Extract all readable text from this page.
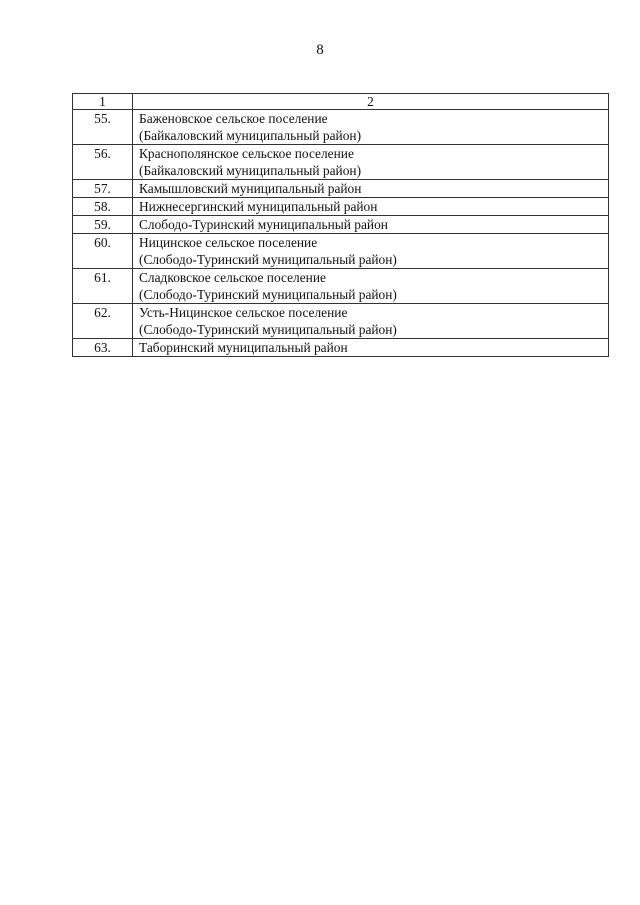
8
1	2
55.	Баженовское сельское поселение
(Байкаловский муниципальный район)

56.	Краснополянское сельское поселение
(Байкаловский муниципальный район)

57.	Камышловский муниципальный район

58.	Нижнесергинский муниципальный район

59.	Слободо-Туринский муниципальный район

60.	Ницинское сельское поселение
(Слободо-Туринский муниципальный район)

61.	Сладковское сельское поселение
(Слободо-Туринский муниципальный район)

62.	Усть-Ницинское сельское поселение
(Слободо-Туринский муниципальный район)

63.	Таборинский муниципальный район
